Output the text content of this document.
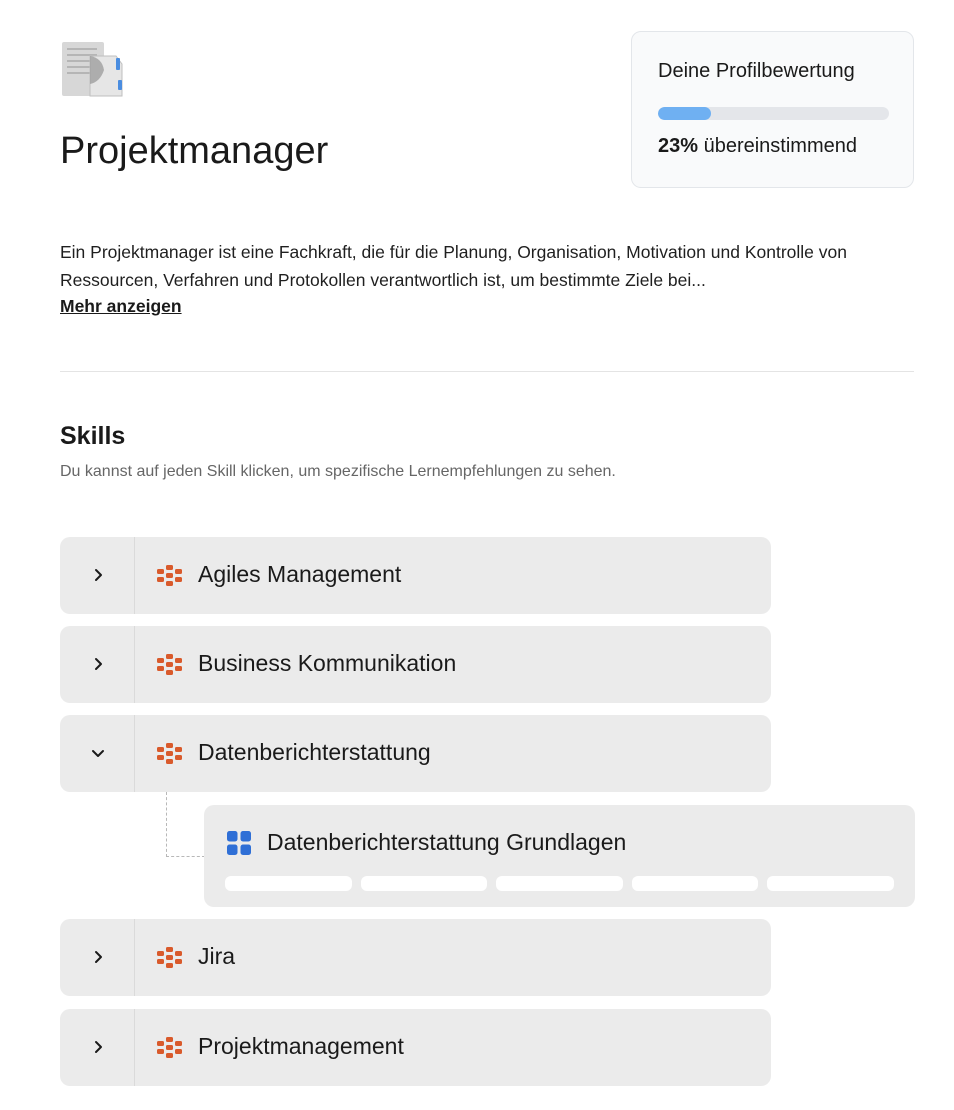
Projektmanager
Deine Profilbewertung
23% übereinstimmend
Ein Projektmanager ist eine Fachkraft, die für die Planung, Organisation, Motivation und Kontrolle von Ressourcen, Verfahren und Protokollen verantwortlich ist, um bestimmte Ziele bei...
Mehr anzeigen
Skills
Du kannst auf jeden Skill klicken, um spezifische Lernempfehlungen zu sehen.
Agiles Management
Business Kommunikation
Datenberichterstattung
Datenberichterstattung Grundlagen
Jira
Projektmanagement
